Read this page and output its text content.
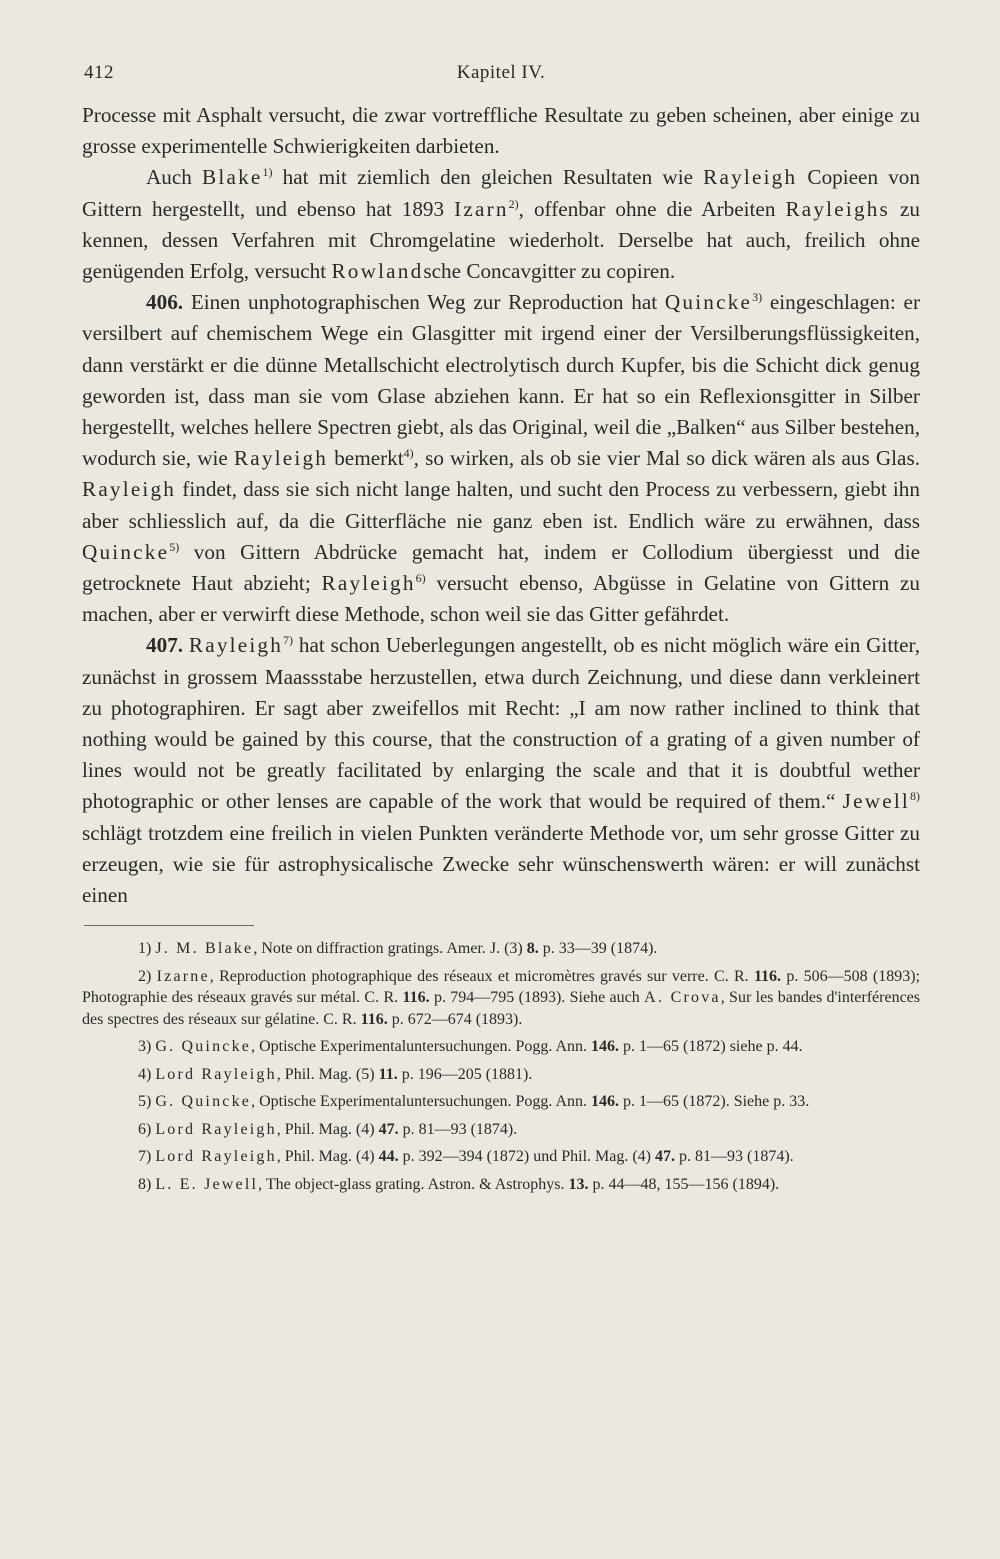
412	Kapitel IV.

Processe mit Asphalt versucht, die zwar vortreffliche Resultate zu geben scheinen, aber einige zu grosse experimentelle Schwierigkeiten darbieten.

Auch Blake$^{1)}$ hat mit ziemlich den gleichen Resultaten wie Rayleigh Copieen von Gittern hergestellt, und ebenso hat 1893 Izarn$^{2)}$, offenbar ohne die Arbeiten Rayleighs zu kennen, dessen Verfahren mit Chromgelatine wiederholt. Derselbe hat auch, freilich ohne genügenden Erfolg, versucht Rowlandsche Concavgitter zu copiren.

406. Einen unphotographischen Weg zur Reproduction hat Quincke$^{3)}$ eingeschlagen: er versilbert auf chemischem Wege ein Glasgitter mit irgend einer der Versilberungsflüssigkeiten, dann verstärkt er die dünne Metallschicht electrolytisch durch Kupfer, bis die Schicht dick genug geworden ist, dass man sie vom Glase abziehen kann. Er hat so ein Reflexionsgitter in Silber hergestellt, welches hellere Spectren giebt, als das Original, weil die „Balken“ aus Silber bestehen, wodurch sie, wie Rayleigh bemerkt$^{4)}$, so wirken, als ob sie vier Mal so dick wären als aus Glas. Rayleigh findet, dass sie sich nicht lange halten, und sucht den Process zu verbessern, giebt ihn aber schliesslich auf, da die Gitterfläche nie ganz eben ist. Endlich wäre zu erwähnen, dass Quincke$^{5)}$ von Gittern Abdrücke gemacht hat, indem er Collodium übergiesst und die getrocknete Haut abzieht; Rayleigh$^{6)}$ versucht ebenso, Abgüsse in Gelatine von Gittern zu machen, aber er verwirft diese Methode, schon weil sie das Gitter gefährdet.

407. Rayleigh$^{7)}$ hat schon Ueberlegungen angestellt, ob es nicht möglich wäre ein Gitter, zunächst in grossem Maassstabe herzustellen, etwa durch Zeichnung, und diese dann verkleinert zu photographiren. Er sagt aber zweifellos mit Recht: „I am now rather inclined to think that nothing would be gained by this course, that the construction of a grating of a given number of lines would not be greatly facilitated by enlarging the scale and that it is doubtful wether photographic or other lenses are capable of the work that would be required of them.“ Jewell$^{8)}$ schlägt trotzdem eine freilich in vielen Punkten veränderte Methode vor, um sehr grosse Gitter zu erzeugen, wie sie für astrophysicalische Zwecke sehr wünschenswerth wären: er will zunächst einen

1) J. M. Blake, Note on diffraction gratings. Amer. J. (3) 8. p. 33—39 (1874).

2) Izarne, Reproduction photographique des réseaux et micromètres gravés sur verre. C. R. 116. p. 506—508 (1893); Photographie des réseaux gravés sur métal. C. R. 116. p. 794—795 (1893). Siehe auch A. Crova, Sur les bandes d'interférences des spectres des réseaux sur gélatine. C. R. 116. p. 672—674 (1893).

3) G. Quincke, Optische Experimentaluntersuchungen. Pogg. Ann. 146. p. 1—65 (1872) siehe p. 44.

4) Lord Rayleigh, Phil. Mag. (5) 11. p. 196—205 (1881).

5) G. Quincke, Optische Experimentaluntersuchungen. Pogg. Ann. 146. p. 1—65 (1872). Siehe p. 33.

6) Lord Rayleigh, Phil. Mag. (4) 47. p. 81—93 (1874).

7) Lord Rayleigh, Phil. Mag. (4) 44. p. 392—394 (1872) und Phil. Mag. (4) 47. p. 81—93 (1874).

8) L. E. Jewell, The object-glass grating. Astron. & Astrophys. 13. p. 44—48, 155—156 (1894).
